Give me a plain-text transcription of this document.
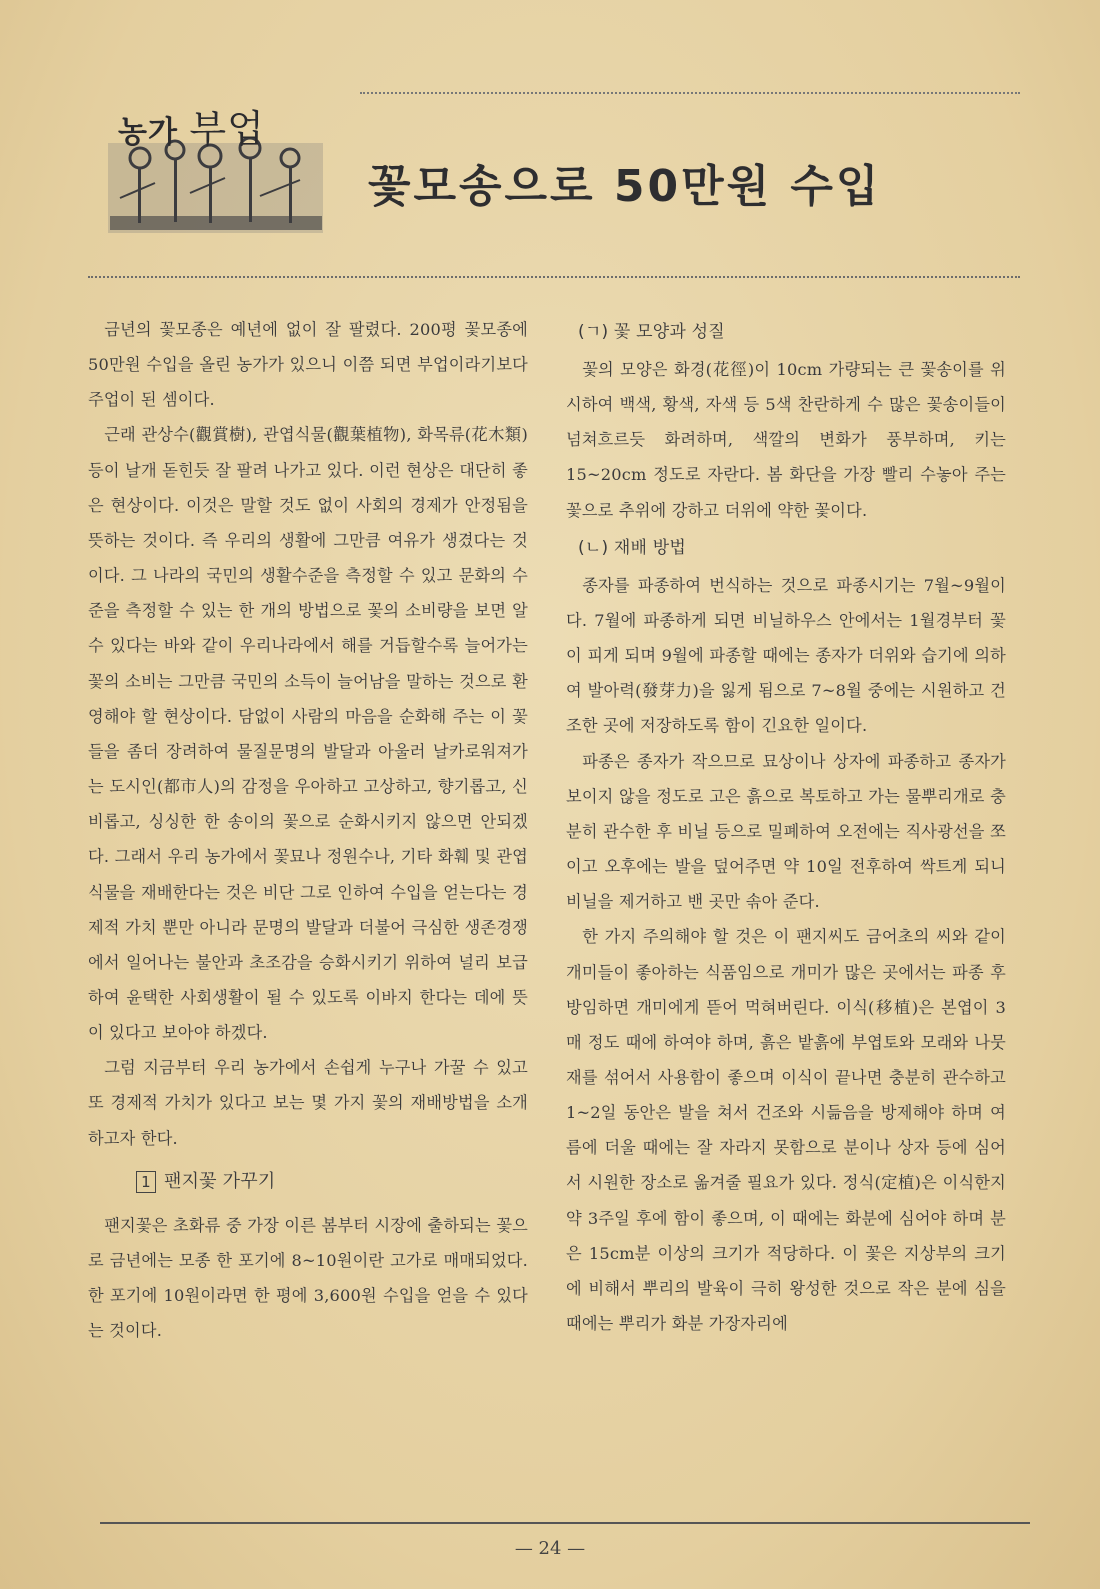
농가 부업
꽃모송으로 50만원 수입

금년의 꽃모종은 예년에 없이 잘 팔렸다. 200평 꽃모종에 50만원 수입을 올린 농가가 있으니 이쯤 되면 부업이라기보다 주업이 된 셈이다.

근래 관상수(觀賞樹), 관엽식물(觀葉植物), 화목류(花木類) 등이 날개 돋힌듯 잘 팔려 나가고 있다. 이런 현상은 대단히 좋은 현상이다. 이것은 말할 것도 없이 사회의 경제가 안정됨을 뜻하는 것이다. 즉 우리의 생활에 그만큼 여유가 생겼다는 것이다. 그 나라의 국민의 생활수준을 측정할 수 있고 문화의 수준을 측정할 수 있는 한 개의 방법으로 꽃의 소비량을 보면 알 수 있다는 바와 같이 우리나라에서 해를 거듭할수록 늘어가는 꽃의 소비는 그만큼 국민의 소득이 늘어남을 말하는 것으로 환영해야 할 현상이다. 담없이 사람의 마음을 순화해 주는 이 꽃들을 좀더 장려하여 물질문명의 발달과 아울러 날카로워져가는 도시인(都市人)의 감정을 우아하고 고상하고, 향기롭고, 신비롭고, 싱싱한 한 송이의 꽃으로 순화시키지 않으면 안되겠다. 그래서 우리 농가에서 꽃묘나 정원수나, 기타 화훼 및 관엽식물을 재배한다는 것은 비단 그로 인하여 수입을 얻는다는 경제적 가치 뿐만 아니라 문명의 발달과 더불어 극심한 생존경쟁에서 일어나는 불안과 초조감을 승화시키기 위하여 널리 보급하여 윤택한 사회생활이 될 수 있도록 이바지 한다는 데에 뜻이 있다고 보아야 하겠다.

그럼 지금부터 우리 농가에서 손쉽게 누구나 가꿀 수 있고 또 경제적 가치가 있다고 보는 몇 가지 꽃의 재배방법을 소개하고자 한다.

1 팬지꽃 가꾸기

팬지꽃은 초화류 중 가장 이른 봄부터 시장에 출하되는 꽃으로 금년에는 모종 한 포기에 8~10원이란 고가로 매매되었다. 한 포기에 10원이라면 한 평에 3,600원 수입을 얻을 수 있다는 것이다.

(ㄱ) 꽃 모양과 성질

꽃의 모양은 화경(花徑)이 10cm 가량되는 큰 꽃송이를 위시하여 백색, 황색, 자색 등 5색 찬란하게 수 많은 꽃송이들이 넘쳐흐르듯 화려하며, 색깔의 변화가 풍부하며, 키는 15~20cm 정도로 자란다. 봄 화단을 가장 빨리 수놓아 주는 꽃으로 추위에 강하고 더위에 약한 꽃이다.

(ㄴ) 재배 방법

종자를 파종하여 번식하는 것으로 파종시기는 7월~9월이다. 7월에 파종하게 되면 비닐하우스 안에서는 1월경부터 꽃이 피게 되며 9월에 파종할 때에는 종자가 더위와 습기에 의하여 발아력(發芽力)을 잃게 됨으로 7~8월 중에는 시원하고 건조한 곳에 저장하도록 함이 긴요한 일이다.

파종은 종자가 작으므로 묘상이나 상자에 파종하고 종자가 보이지 않을 정도로 고은 흙으로 복토하고 가는 물뿌리개로 충분히 관수한 후 비닐 등으로 밀폐하여 오전에는 직사광선을 쪼이고 오후에는 발을 덮어주면 약 10일 전후하여 싹트게 되니 비닐을 제거하고 밴 곳만 솎아 준다.

한 가지 주의해야 할 것은 이 팬지씨도 금어초의 씨와 같이 개미들이 좋아하는 식품임으로 개미가 많은 곳에서는 파종 후 방임하면 개미에게 뜯어 먹혀버린다. 이식(移植)은 본엽이 3매 정도 때에 하여야 하며, 흙은 밭흙에 부엽토와 모래와 나뭇재를 섞어서 사용함이 좋으며 이식이 끝나면 충분히 관수하고 1~2일 동안은 발을 쳐서 건조와 시듦음을 방제해야 하며 여름에 더울 때에는 잘 자라지 못함으로 분이나 상자 등에 심어서 시원한 장소로 옮겨줄 필요가 있다. 정식(定植)은 이식한지 약 3주일 후에 함이 좋으며, 이 때에는 화분에 심어야 하며 분은 15cm분 이상의 크기가 적당하다. 이 꽃은 지상부의 크기에 비해서 뿌리의 발육이 극히 왕성한 것으로 작은 분에 심을 때에는 뿌리가 화분 가장자리에

— 24 —
